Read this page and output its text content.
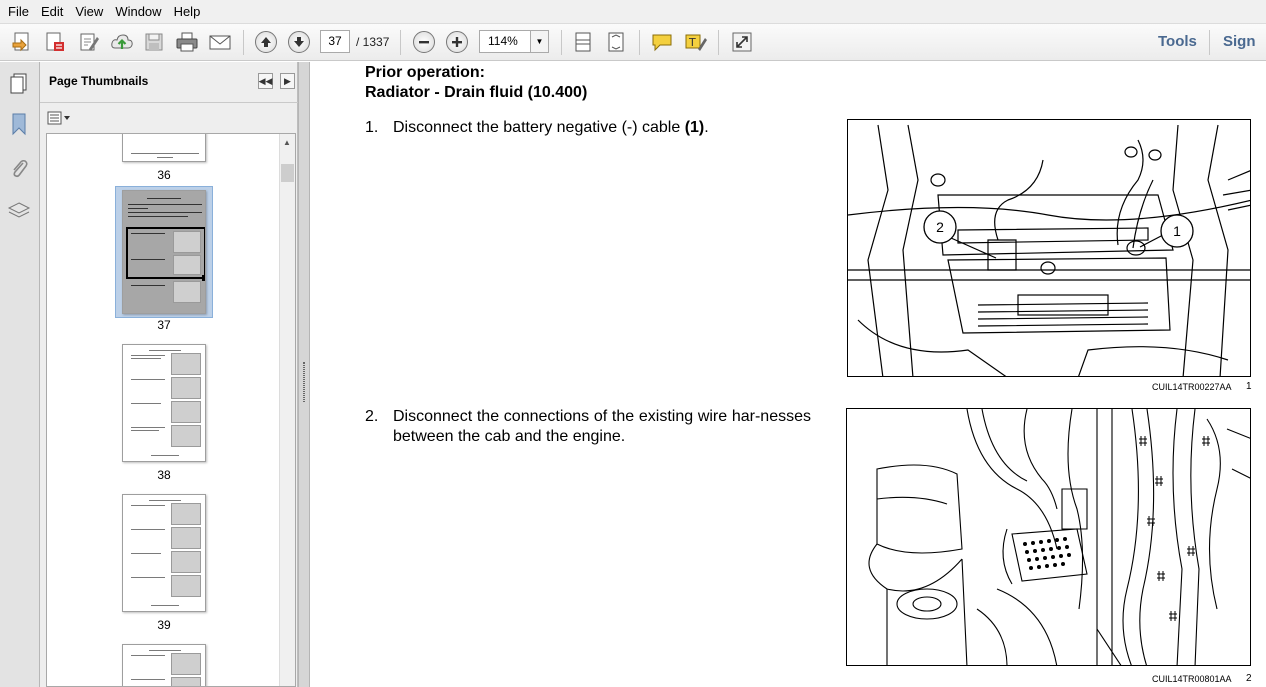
File Edit View Window Help
37	/ 1337	114%	▼	T	Tools Sign
Page Thumbnails	◀◀	▶
36
37
38
39
▲
Prior operation:
Radiator - Drain fluid (10.400)
1. Disconnect the battery negative (-) cable (1).
2. Disconnect the connections of the existing wire har-nesses between the cab and the engine.
2	1
CUIL14TR00227AA 1
CUIL14TR00801AA 2
